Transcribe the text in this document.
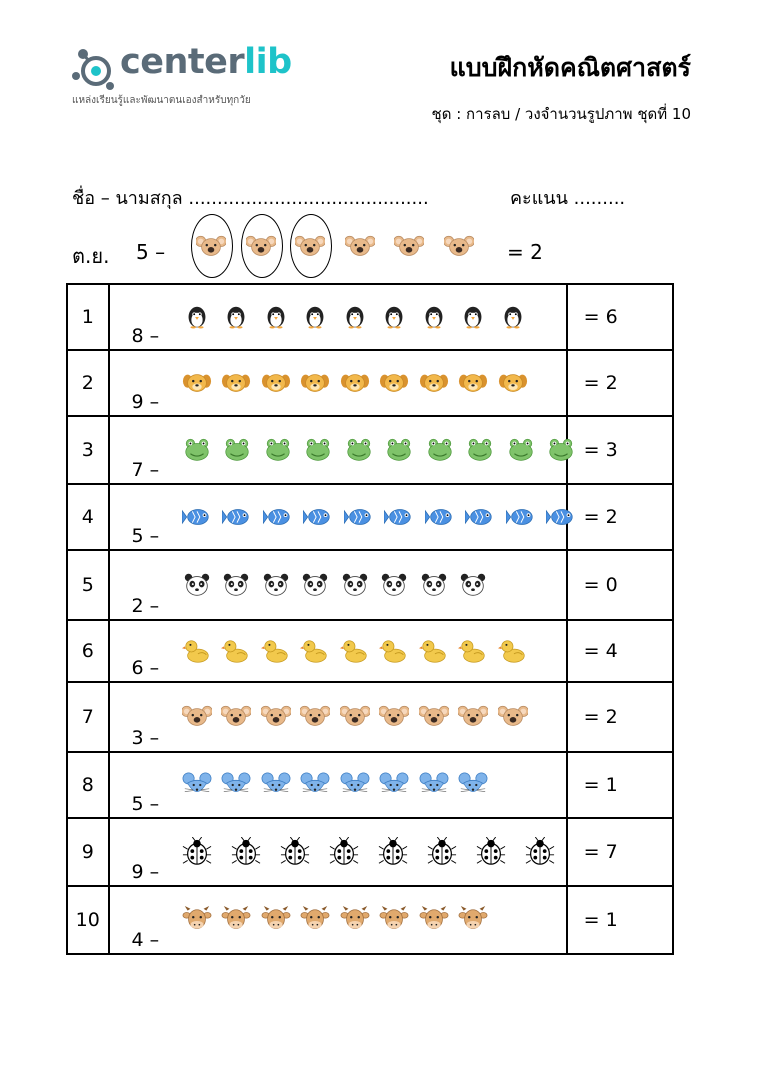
centerlib
แหล่งเรียนรู้และพัฒนาตนเองสำหรับทุกวัย
แบบฝึกหัดคณิตศาสตร์
ชุด : การลบ / วงจำนวนรูปภาพ ชุดที่ 10
ชื่อ – นามสกุล ..........................................	คะแนน .........
ต.ย. 5 –	= 2
1	8 –	= 6
2	9 –	= 2
3	7 –	= 3
4	5 –	= 2
5	2 –	= 0
6	6 –	= 4
7	3 –	= 2
8	5 –	= 1
9	9 –	= 7
10	4 –	= 1
